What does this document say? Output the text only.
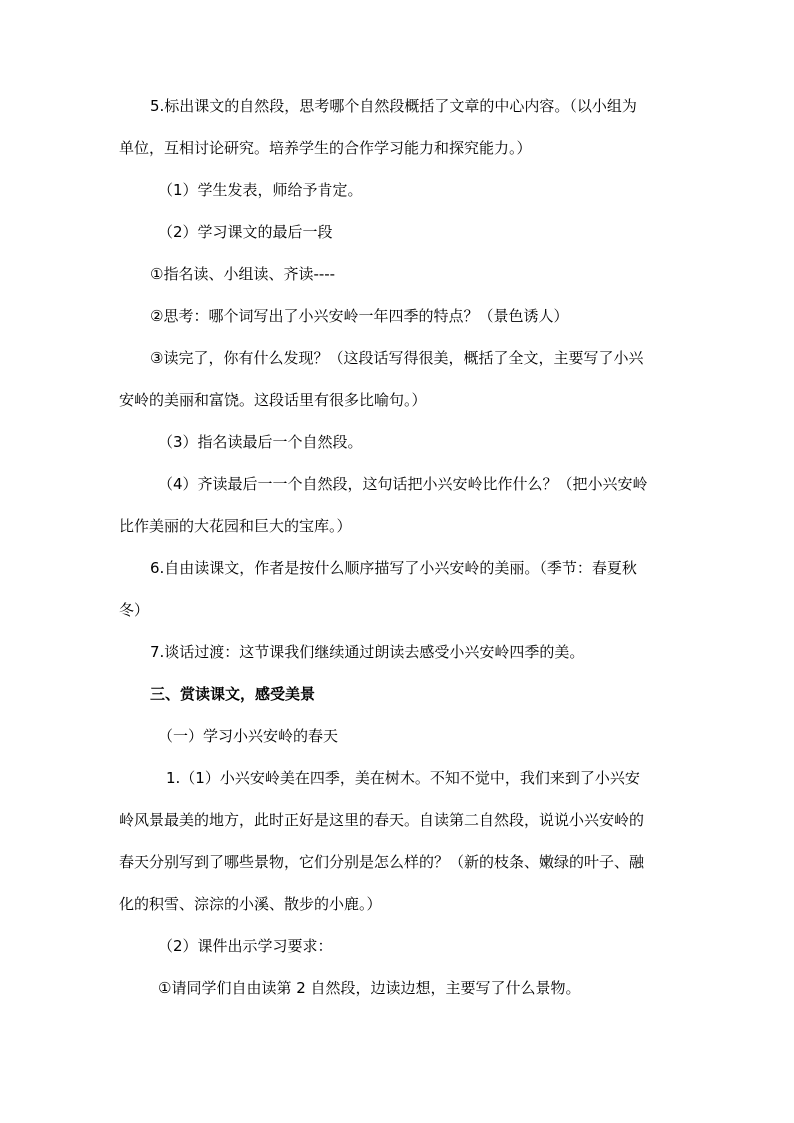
5.标出课文的自然段，思考哪个自然段概括了文章的中心内容。（以小组为
单位，互相讨论研究。培养学生的合作学习能力和探究能力。）
（1）学生发表，师给予肯定。
（2）学习课文的最后一段
①指名读、小组读、齐读----
②思考：哪个词写出了小兴安岭一年四季的特点？（景色诱人）
③读完了，你有什么发现？（这段话写得很美，概括了全文，主要写了小兴
安岭的美丽和富饶。这段话里有很多比喻句。）
（3）指名读最后一个自然段。
（4）齐读最后一一个自然段，这句话把小兴安岭比作什么？（把小兴安岭
比作美丽的大花园和巨大的宝库。）
6.自由读课文，作者是按什么顺序描写了小兴安岭的美丽。（季节：春夏秋
冬）
7.谈话过渡：这节课我们继续通过朗读去感受小兴安岭四季的美。
三、赏读课文，感受美景
（一）学习小兴安岭的春天
1.（1）小兴安岭美在四季，美在树木。不知不觉中，我们来到了小兴安
岭风景最美的地方，此时正好是这里的春天。自读第二自然段，说说小兴安岭的
春天分别写到了哪些景物，它们分别是怎么样的？（新的枝条、嫩绿的叶子、融
化的积雪、淙淙的小溪、散步的小鹿。）
（2）课件出示学习要求：
①请同学们自由读第 2 自然段，边读边想，主要写了什么景物。
